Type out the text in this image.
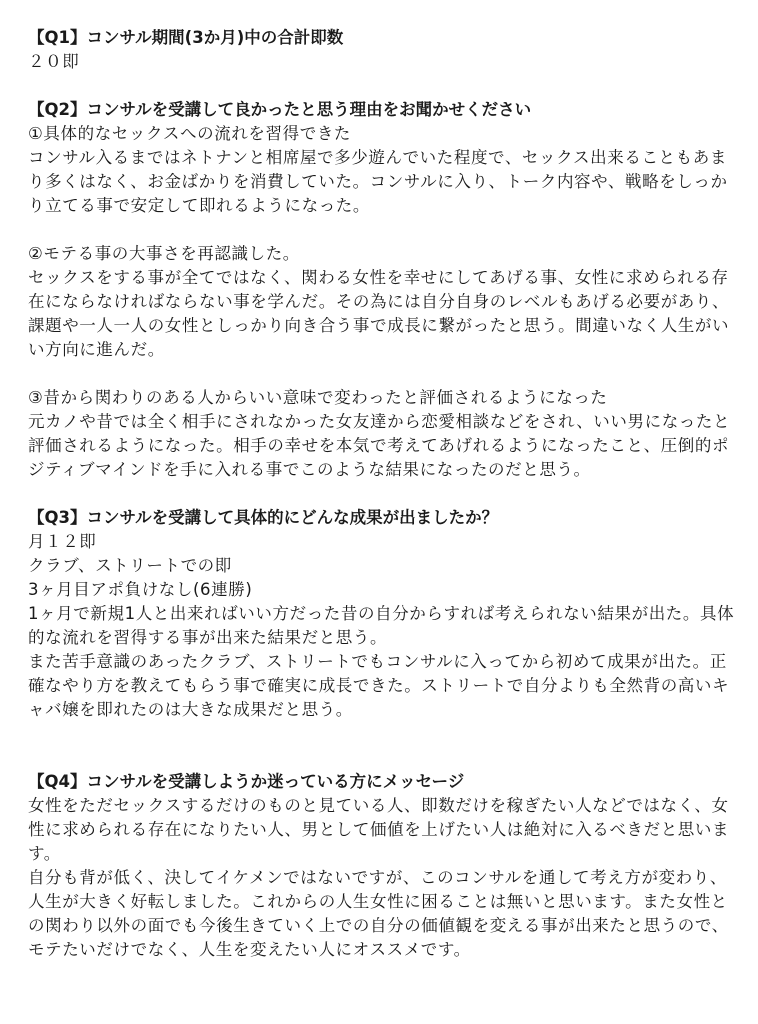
【Q1】コンサル期間(3か月)中の合計即数

２０即

【Q2】コンサルを受講して良かったと思う理由をお聞かせください

①具体的なセックスへの流れを習得できた

コンサル入るまではネトナンと相席屋で多少遊んでいた程度で、セックス出来ることもあまり多くはなく、お金ばかりを消費していた。コンサルに入り、トーク内容や、戦略をしっかり立てる事で安定して即れるようになった。

②モテる事の大事さを再認識した。

セックスをする事が全てではなく、関わる女性を幸せにしてあげる事、女性に求められる存在にならなければならない事を学んだ。その為には自分自身のレベルもあげる必要があり、課題や一人一人の女性としっかり向き合う事で成長に繋がったと思う。間違いなく人生がいい方向に進んだ。

③昔から関わりのある人からいい意味で変わったと評価されるようになった

元カノや昔では全く相手にされなかった女友達から恋愛相談などをされ、いい男になったと評価されるようになった。相手の幸せを本気で考えてあげれるようになったこと、圧倒的ポジティブマインドを手に入れる事でこのような結果になったのだと思う。

【Q3】コンサルを受講して具体的にどんな成果が出ましたか？

月１２即

クラブ、ストリートでの即

3ヶ月目アポ負けなし(6連勝)

1ヶ月で新規1人と出来ればいい方だった昔の自分からすれば考えられない結果が出た。具体的な流れを習得する事が出来た結果だと思う。

また苦手意識のあったクラブ、ストリートでもコンサルに入ってから初めて成果が出た。正確なやり方を教えてもらう事で確実に成長できた。ストリートで自分よりも全然背の高いキャバ嬢を即れたのは大きな成果だと思う。

【Q4】コンサルを受講しようか迷っている方にメッセージ

女性をただセックスするだけのものと見ている人、即数だけを稼ぎたい人などではなく、女性に求められる存在になりたい人、男として価値を上げたい人は絶対に入るべきだと思います。

自分も背が低く、決してイケメンではないですが、このコンサルを通して考え方が変わり、人生が大きく好転しました。これからの人生女性に困ることは無いと思います。また女性との関わり以外の面でも今後生きていく上での自分の価値観を変える事が出来たと思うので、モテたいだけでなく、人生を変えたい人にオススメです。
